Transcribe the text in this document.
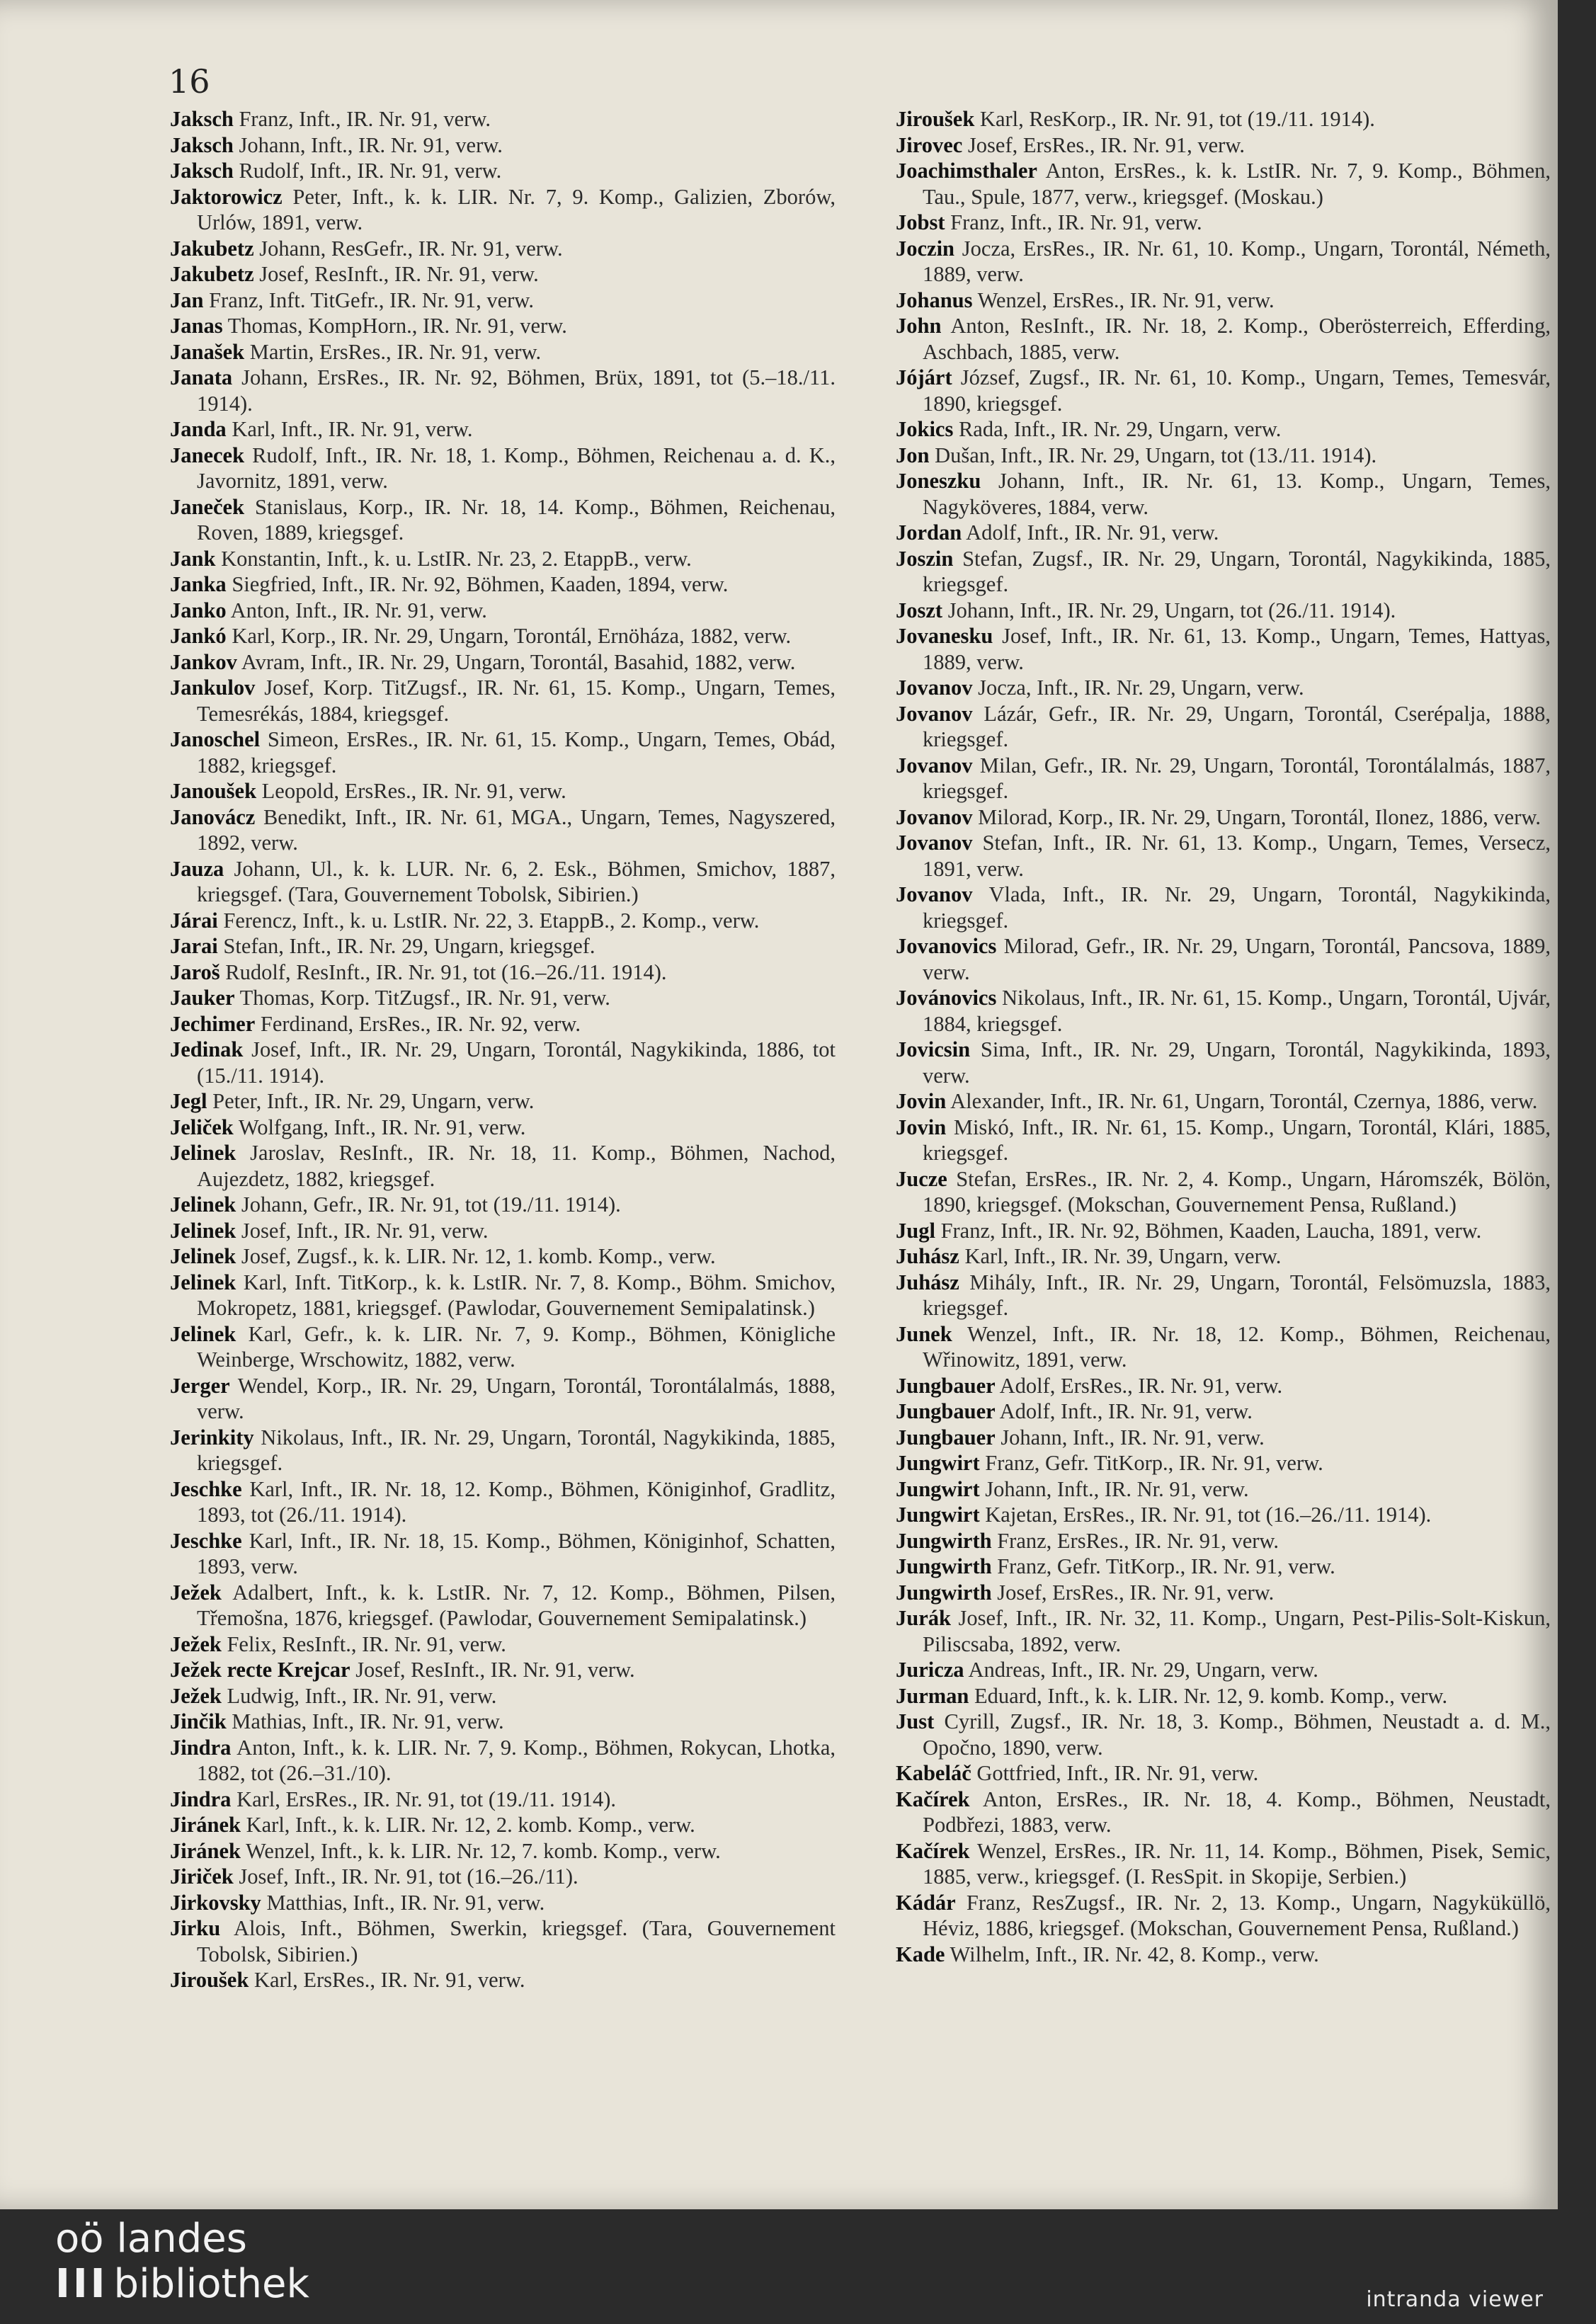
16
Jaksch Franz, Inft., IR. Nr. 91, verw.
Jaksch Johann, Inft., IR. Nr. 91, verw.
Jaksch Rudolf, Inft., IR. Nr. 91, verw.
Jaktorowicz Peter, Inft., k. k. LIR. Nr. 7, 9. Komp., Galizien, Zborów, Urlów, 1891, verw.
Jakubetz Johann, ResGefr., IR. Nr. 91, verw.
Jakubetz Josef, ResInft., IR. Nr. 91, verw.
Jan Franz, Inft. TitGefr., IR. Nr. 91, verw.
Janas Thomas, KompHorn., IR. Nr. 91, verw.
Janašek Martin, ErsRes., IR. Nr. 91, verw.
Janata Johann, ErsRes., IR. Nr. 92, Böhmen, Brüx, 1891, tot (5.–18./11. 1914).
Janda Karl, Inft., IR. Nr. 91, verw.
Janecek Rudolf, Inft., IR. Nr. 18, 1. Komp., Böhmen, Reichenau a. d. K., Javornitz, 1891, verw.
Janeček Stanislaus, Korp., IR. Nr. 18, 14. Komp., Böhmen, Reichenau, Roven, 1889, kriegsgef.
Jank Konstantin, Inft., k. u. LstIR. Nr. 23, 2. EtappB., verw.
Janka Siegfried, Inft., IR. Nr. 92, Böhmen, Kaaden, 1894, verw.
Janko Anton, Inft., IR. Nr. 91, verw.
Jankó Karl, Korp., IR. Nr. 29, Ungarn, Torontál, Ernöháza, 1882, verw.
Jankov Avram, Inft., IR. Nr. 29, Ungarn, Torontál, Basahid, 1882, verw.
Jankulov Josef, Korp. TitZugsf., IR. Nr. 61, 15. Komp., Ungarn, Temes, Temesrékás, 1884, kriegsgef.
Janoschel Simeon, ErsRes., IR. Nr. 61, 15. Komp., Ungarn, Temes, Obád, 1882, kriegsgef.
Janoušek Leopold, ErsRes., IR. Nr. 91, verw.
Janovácz Benedikt, Inft., IR. Nr. 61, MGA., Ungarn, Temes, Nagyszered, 1892, verw.
Jauza Johann, Ul., k. k. LUR. Nr. 6, 2. Esk., Böhmen, Smichov, 1887, kriegsgef. (Tara, Gouvernement Tobolsk, Sibirien.)
Járai Ferencz, Inft., k. u. LstIR. Nr. 22, 3. EtappB., 2. Komp., verw.
Jarai Stefan, Inft., IR. Nr. 29, Ungarn, kriegsgef.
Jaroš Rudolf, ResInft., IR. Nr. 91, tot (16.–26./11. 1914).
Jauker Thomas, Korp. TitZugsf., IR. Nr. 91, verw.
Jechimer Ferdinand, ErsRes., IR. Nr. 92, verw.
Jedinak Josef, Inft., IR. Nr. 29, Ungarn, Torontál, Nagykikinda, 1886, tot (15./11. 1914).
Jegl Peter, Inft., IR. Nr. 29, Ungarn, verw.
Jeliček Wolfgang, Inft., IR. Nr. 91, verw.
Jelinek Jaroslav, ResInft., IR. Nr. 18, 11. Komp., Böhmen, Nachod, Aujezdetz, 1882, kriegsgef.
Jelinek Johann, Gefr., IR. Nr. 91, tot (19./11. 1914).
Jelinek Josef, Inft., IR. Nr. 91, verw.
Jelinek Josef, Zugsf., k. k. LIR. Nr. 12, 1. komb. Komp., verw.
Jelinek Karl, Inft. TitKorp., k. k. LstIR. Nr. 7, 8. Komp., Böhm. Smichov, Mokropetz, 1881, kriegsgef. (Pawlodar, Gouvernement Semipalatinsk.)
Jelinek Karl, Gefr., k. k. LIR. Nr. 7, 9. Komp., Böhmen, Königliche Weinberge, Wrschowitz, 1882, verw.
Jerger Wendel, Korp., IR. Nr. 29, Ungarn, Torontál, Torontálalmás, 1888, verw.
Jerinkity Nikolaus, Inft., IR. Nr. 29, Ungarn, Torontál, Nagykikinda, 1885, kriegsgef.
Jeschke Karl, Inft., IR. Nr. 18, 12. Komp., Böhmen, Königinhof, Gradlitz, 1893, tot (26./11. 1914).
Jeschke Karl, Inft., IR. Nr. 18, 15. Komp., Böhmen, Königinhof, Schatten, 1893, verw.
Ježek Adalbert, Inft., k. k. LstIR. Nr. 7, 12. Komp., Böhmen, Pilsen, Třemošna, 1876, kriegsgef. (Pawlodar, Gouvernement Semipalatinsk.)
Ježek Felix, ResInft., IR. Nr. 91, verw.
Ježek recte Krejcar Josef, ResInft., IR. Nr. 91, verw.
Ježek Ludwig, Inft., IR. Nr. 91, verw.
Jinčik Mathias, Inft., IR. Nr. 91, verw.
Jindra Anton, Inft., k. k. LIR. Nr. 7, 9. Komp., Böhmen, Rokycan, Lhotka, 1882, tot (26.–31./10).
Jindra Karl, ErsRes., IR. Nr. 91, tot (19./11. 1914).
Jiránek Karl, Inft., k. k. LIR. Nr. 12, 2. komb. Komp., verw.
Jiránek Wenzel, Inft., k. k. LIR. Nr. 12, 7. komb. Komp., verw.
Jiriček Josef, Inft., IR. Nr. 91, tot (16.–26./11).
Jirkovsky Matthias, Inft., IR. Nr. 91, verw.
Jirku Alois, Inft., Böhmen, Swerkin, kriegsgef. (Tara, Gouvernement Tobolsk, Sibirien.)
Jiroušek Karl, ErsRes., IR. Nr. 91, verw.
Jiroušek Karl, ResKorp., IR. Nr. 91, tot (19./11. 1914).
Jirovec Josef, ErsRes., IR. Nr. 91, verw.
Joachimsthaler Anton, ErsRes., k. k. LstIR. Nr. 7, 9. Komp., Böhmen, Tau., Spule, 1877, verw., kriegsgef. (Moskau.)
Jobst Franz, Inft., IR. Nr. 91, verw.
Joczin Jocza, ErsRes., IR. Nr. 61, 10. Komp., Ungarn, Torontál, Németh, 1889, verw.
Johanus Wenzel, ErsRes., IR. Nr. 91, verw.
John Anton, ResInft., IR. Nr. 18, 2. Komp., Oberösterreich, Efferding, Aschbach, 1885, verw.
Jójárt József, Zugsf., IR. Nr. 61, 10. Komp., Ungarn, Temes, Temesvár, 1890, kriegsgef.
Jokics Rada, Inft., IR. Nr. 29, Ungarn, verw.
Jon Dušan, Inft., IR. Nr. 29, Ungarn, tot (13./11. 1914).
Joneszku Johann, Inft., IR. Nr. 61, 13. Komp., Ungarn, Temes, Nagyköveres, 1884, verw.
Jordan Adolf, Inft., IR. Nr. 91, verw.
Joszin Stefan, Zugsf., IR. Nr. 29, Ungarn, Torontál, Nagykikinda, 1885, kriegsgef.
Joszt Johann, Inft., IR. Nr. 29, Ungarn, tot (26./11. 1914).
Jovanesku Josef, Inft., IR. Nr. 61, 13. Komp., Ungarn, Temes, Hattyas, 1889, verw.
Jovanov Jocza, Inft., IR. Nr. 29, Ungarn, verw.
Jovanov Lázár, Gefr., IR. Nr. 29, Ungarn, Torontál, Cserépalja, 1888, kriegsgef.
Jovanov Milan, Gefr., IR. Nr. 29, Ungarn, Torontál, Torontálalmás, 1887, kriegsgef.
Jovanov Milorad, Korp., IR. Nr. 29, Ungarn, Torontál, Ilonez, 1886, verw.
Jovanov Stefan, Inft., IR. Nr. 61, 13. Komp., Ungarn, Temes, Versecz, 1891, verw.
Jovanov Vlada, Inft., IR. Nr. 29, Ungarn, Torontál, Nagykikinda, kriegsgef.
Jovanovics Milorad, Gefr., IR. Nr. 29, Ungarn, Torontál, Pancsova, 1889, verw.
Jovánovics Nikolaus, Inft., IR. Nr. 61, 15. Komp., Ungarn, Torontál, Ujvár, 1884, kriegsgef.
Jovicsin Sima, Inft., IR. Nr. 29, Ungarn, Torontál, Nagykikinda, 1893, verw.
Jovin Alexander, Inft., IR. Nr. 61, Ungarn, Torontál, Czernya, 1886, verw.
Jovin Miskó, Inft., IR. Nr. 61, 15. Komp., Ungarn, Torontál, Klári, 1885, kriegsgef.
Jucze Stefan, ErsRes., IR. Nr. 2, 4. Komp., Ungarn, Háromszék, Bölön, 1890, kriegsgef. (Mokschan, Gouvernement Pensa, Rußland.)
Jugl Franz, Inft., IR. Nr. 92, Böhmen, Kaaden, Laucha, 1891, verw.
Juhász Karl, Inft., IR. Nr. 39, Ungarn, verw.
Juhász Mihály, Inft., IR. Nr. 29, Ungarn, Torontál, Felsömuzsla, 1883, kriegsgef.
Junek Wenzel, Inft., IR. Nr. 18, 12. Komp., Böhmen, Reichenau, Wřinowitz, 1891, verw.
Jungbauer Adolf, ErsRes., IR. Nr. 91, verw.
Jungbauer Adolf, Inft., IR. Nr. 91, verw.
Jungbauer Johann, Inft., IR. Nr. 91, verw.
Jungwirt Franz, Gefr. TitKorp., IR. Nr. 91, verw.
Jungwirt Johann, Inft., IR. Nr. 91, verw.
Jungwirt Kajetan, ErsRes., IR. Nr. 91, tot (16.–26./11. 1914).
Jungwirth Franz, ErsRes., IR. Nr. 91, verw.
Jungwirth Franz, Gefr. TitKorp., IR. Nr. 91, verw.
Jungwirth Josef, ErsRes., IR. Nr. 91, verw.
Jurák Josef, Inft., IR. Nr. 32, 11. Komp., Ungarn, Pest-Pilis-Solt-Kiskun, Piliscsaba, 1892, verw.
Juricza Andreas, Inft., IR. Nr. 29, Ungarn, verw.
Jurman Eduard, Inft., k. k. LIR. Nr. 12, 9. komb. Komp., verw.
Just Cyrill, Zugsf., IR. Nr. 18, 3. Komp., Böhmen, Neustadt a. d. M., Opočno, 1890, verw.
Kabeláč Gottfried, Inft., IR. Nr. 91, verw.
Kačírek Anton, ErsRes., IR. Nr. 18, 4. Komp., Böhmen, Neustadt, Podbřezi, 1883, verw.
Kačírek Wenzel, ErsRes., IR. Nr. 11, 14. Komp., Böhmen, Pisek, Semic, 1885, verw., kriegsgef. (I. ResSpit. in Skopije, Serbien.)
Kádár Franz, ResZugsf., IR. Nr. 2, 13. Komp., Ungarn, Nagyküküllö, Héviz, 1886, kriegsgef. (Mokschan, Gouvernement Pensa, Rußland.)
Kade Wilhelm, Inft., IR. Nr. 42, 8. Komp., verw.
oö landes
III bibliothek	intranda viewer
